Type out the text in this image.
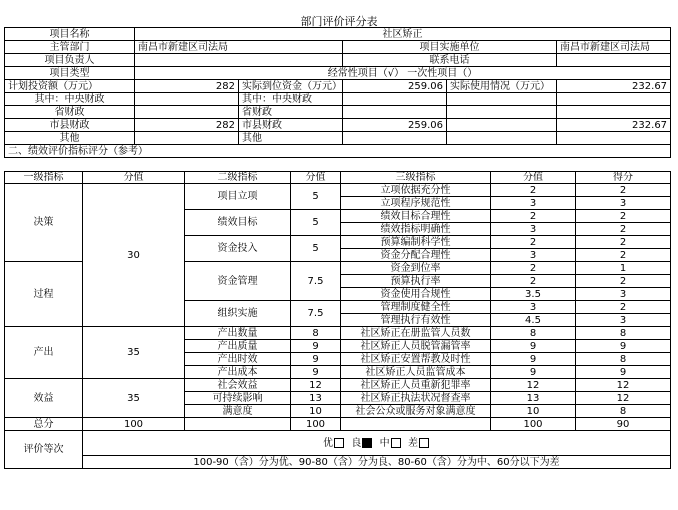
部门评价评分表
项目名称	社区矫正				
主管部门	南昌市新建区司法局		项目实施单位		南昌市新建区司法局
项目负责人			联系电话		
项目类型	经常性项目（√） 一次性项目（）				
计划投资额（万元）	282	实际到位资金（万元）	259.06	实际使用情况（万元）	232.67
其中：中央财政		其中：中央财政			
省财政		省财政			
市县财政	282	市县财政	259.06		232.67
其他		其他			
二、绩效评价指标评分（参考）					
一级指标	分值	二级指标	分值	三级指标	分值	得分
决策	30	项目立项	5	立项依据充分性	2	2
				立项程序规范性	3	3
		绩效目标	5	绩效目标合理性	2	2
				绩效指标明确性	3	2
		资金投入	5	预算编制科学性	2	2
				资金分配合理性	3	2
过程		资金管理	7.5	资金到位率	2	1
				预算执行率	2	2
				资金使用合规性	3.5	3
		组织实施	7.5	管理制度健全性	3	2
				管理执行有效性	4.5	3
产出	35	产出数量	8	社区矫正在册监管人员数	8	8
		产出质量	9	社区矫正人员脱管漏管率	9	9
		产出时效	9	社区矫正安置帮教及时性	9	8
		产出成本	9	社区矫正人员监管成本	9	9
效益	35	社会效益	12	社区矫正人员重新犯罪率	12	12
		可持续影响	13	社区矫正执法状况督查率	13	12
		满意度	10	社会公众或服务对象满意度	10	8
总分	100		100		100	90
评价等次	优 良 中 差					
	100-90（含）分为优、90-80（含）分为良、80-60（含）分为中、60分以下为差					
